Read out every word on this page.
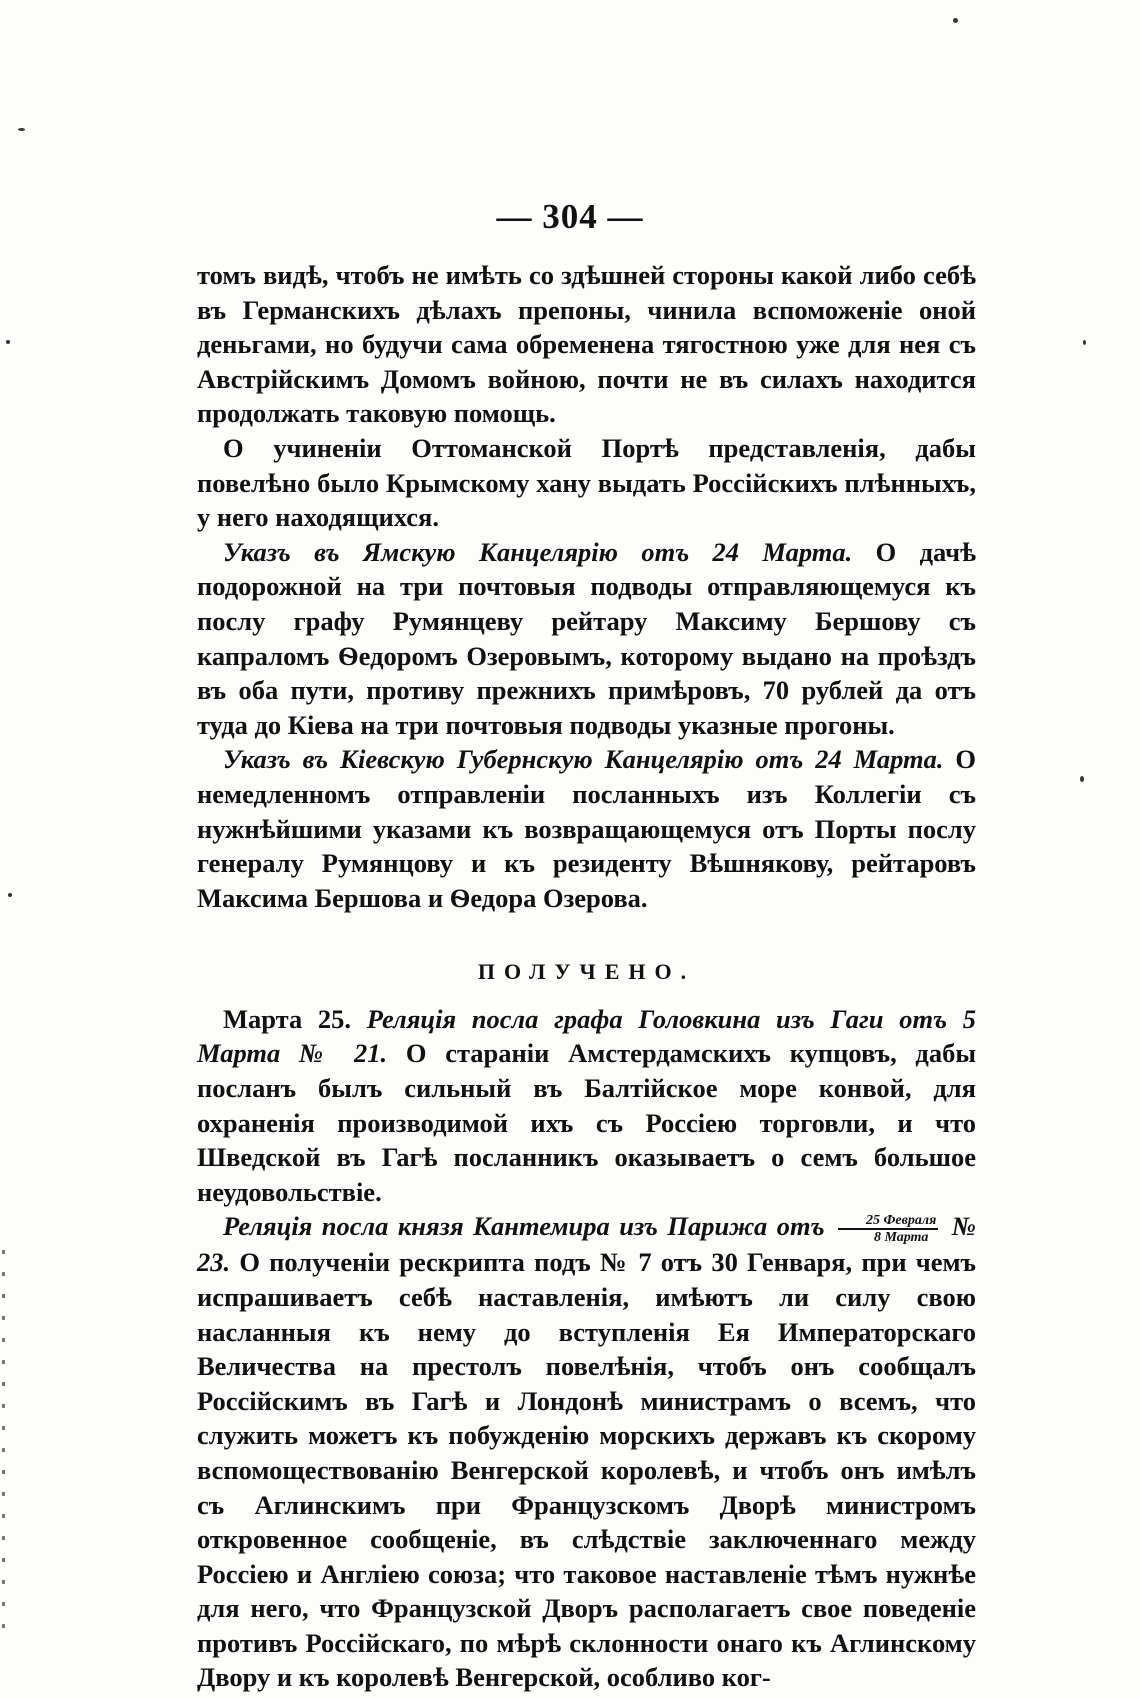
— 304 —

томъ видѣ, чтобъ не имѣть со здѣшней стороны какой либо себѣ въ Германскихъ дѣлахъ препоны, чинила вспоможеніе оной деньгами, но будучи сама обременена тягостною уже для нея съ Австрійскимъ Домомъ войною, почти не въ силахъ находится продолжать таковую помощь.

О учиненіи Оттоманской Портѣ представленія, дабы повелѣно было Крымскому хану выдать Россійскихъ плѣнныхъ, у него находящихся.

Указъ въ Ямскую Канцелярію отъ 24 Марта. О дачѣ подорожной на три почтовыя подводы отправляющемуся къ послу графу Румянцеву рейтару Максиму Бершову съ капраломъ Ѳедоромъ Озеровымъ, которому выдано на проѣздъ въ оба пути, противу прежнихъ примѣровъ, 70 рублей да отъ туда до Кіева на три почтовыя подводы указные прогоны.

Указъ въ Кіевскую Губернскую Канцелярію отъ 24 Марта. О немедленномъ отправленіи посланныхъ изъ Коллегіи съ нужнѣйшими указами къ возвращающемуся отъ Порты послу генералу Румянцову и къ резиденту Вѣшнякову, рейтаровъ Максима Бершова и Ѳедора Озерова.

ПОЛУЧЕНО.

Марта 25. Реляція посла графа Головкина изъ Гаги отъ 5 Марта № 21. О стараніи Амстердамскихъ купцовъ, дабы посланъ былъ сильный въ Балтійское море конвой, для охраненія производимой ихъ съ Россіею торговли, и что Шведской въ Гагѣ посланникъ оказываетъ о семъ большое неудовольствіе.

Реляція посла князя Кантемира изъ Парижа отъ $\frac{\text{25 Февраля}}{\text{8 Марта}}$ № 23. О полученіи рескрипта подъ № 7 отъ 30 Генваря, при чемъ испрашиваетъ себѣ наставленія, имѣютъ ли силу свою насланныя къ нему до вступленія Ея Императорскаго Величества на престолъ повелѣнія, чтобъ онъ сообщалъ Россійскимъ въ Гагѣ и Лондонѣ министрамъ о всемъ, что служить можетъ къ побужденію морскихъ державъ къ скорому вспомоществованію Венгерской королевѣ, и чтобъ онъ имѣлъ съ Аглинскимъ при Французскомъ Дворѣ министромъ откровенное сообщеніе, въ слѣдствіе заключеннаго между Россіею и Англіею союза; что таковое наставленіе тѣмъ нужнѣе для него, что Французской Дворъ располагаетъ свое поведеніе противъ Россійскаго, по мѣрѣ склонности онаго къ Аглинскому Двору и къ королевѣ Венгерской, особливо ког-
